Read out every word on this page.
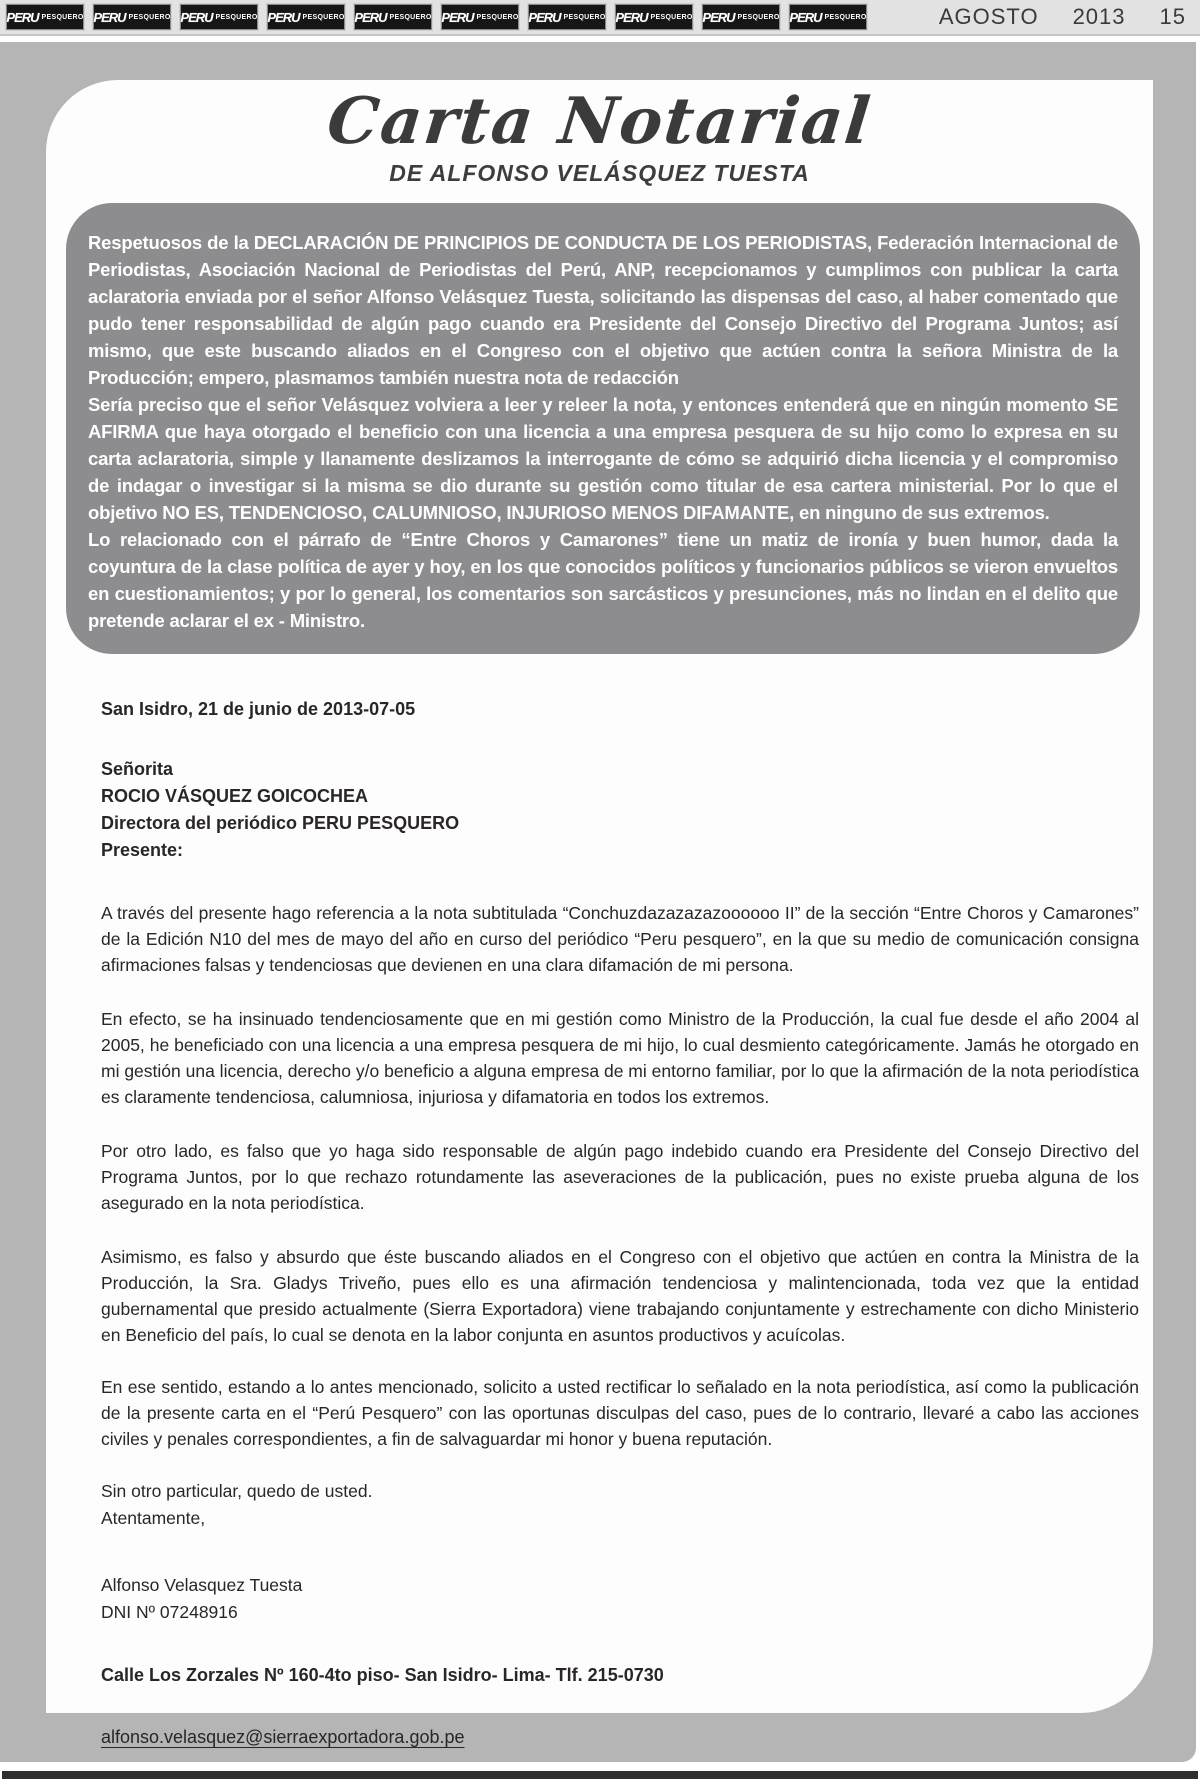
PERU PESQUERO PERU PESQUERO PERU PESQUERO PERU PESQUERO PERU PESQUERO PERU PESQUERO PERU PESQUERO PERU PESQUERO PERU PESQUERO PERU PESQUERO	AGOSTO 2013 15
Carta Notarial
DE ALFONSO VELÁSQUEZ TUESTA

Respetuosos de la DECLARACIÓN DE PRINCIPIOS DE CONDUCTA DE LOS PERIODISTAS, Federación Internacional de Periodistas, Asociación Nacional de Periodistas del Perú, ANP, recepcionamos y cumplimos con publicar la carta aclaratoria enviada por el señor Alfonso Velásquez Tuesta, solicitando las dispensas del caso, al haber comentado que pudo tener responsabilidad de algún pago cuando era Presidente del Consejo Directivo del Programa Juntos; así mismo, que este buscando aliados en el Congreso con el objetivo que actúen contra la señora Ministra de la Producción; empero, plasmamos también nuestra nota de redacción

Sería preciso que el señor Velásquez volviera a leer y releer la nota, y entonces entenderá que en ningún momento SE AFIRMA que haya otorgado el beneficio con una licencia a una empresa pesquera de su hijo como lo expresa en su carta aclaratoria, simple y llanamente deslizamos la interrogante de cómo se adquirió dicha licencia y el compromiso de indagar o investigar si la misma se dio durante su gestión como titular de esa cartera ministerial. Por lo que el objetivo NO ES, TENDENCIOSO, CALUMNIOSO, INJURIOSO MENOS DIFAMANTE, en ninguno de sus extremos.

Lo relacionado con el párrafo de “Entre Choros y Camarones” tiene un matiz de ironía y buen humor, dada la coyuntura de la clase política de ayer y hoy, en los que conocidos políticos y funcionarios públicos se vieron envueltos en cuestionamientos; y por lo general, los comentarios son sarcásticos y presunciones, más no lindan en el delito que pretende aclarar el ex - Ministro.

San Isidro, 21 de junio de 2013-07-05

Señorita
ROCIO VÁSQUEZ GOICOCHEA
Directora del periódico PERU PESQUERO
Presente:

A través del presente hago referencia a la nota subtitulada “Conchuzdazazazazoooooo II” de la sección “Entre Choros y Camarones” de la Edición N10 del mes de mayo del año en curso del periódico “Peru pesquero”, en la que su medio de comunicación consigna afirmaciones falsas y tendenciosas que devienen en una clara difamación de mi persona.

En efecto, se ha insinuado tendenciosamente que en mi gestión como Ministro de la Producción, la cual fue desde el año 2004 al 2005, he beneficiado con una licencia a una empresa pesquera de mi hijo, lo cual desmiento categóricamente. Jamás he otorgado en mi gestión una licencia, derecho y/o beneficio a alguna empresa de mi entorno familiar, por lo que la afirmación de la nota periodística es claramente tendenciosa, calumniosa, injuriosa y difamatoria en todos los extremos.

Por otro lado, es falso que yo haga sido responsable de algún pago indebido cuando era Presidente del Consejo Directivo del Programa Juntos, por lo que rechazo rotundamente las aseveraciones de la publicación, pues no existe prueba alguna de los asegurado en la nota periodística.

Asimismo, es falso y absurdo que éste buscando aliados en el Congreso con el objetivo que actúen en contra la Ministra de la Producción, la Sra. Gladys Triveño, pues ello es una afirmación tendenciosa y malintencionada, toda vez que la entidad gubernamental que presido actualmente (Sierra Exportadora) viene trabajando conjuntamente y estrechamente con dicho Ministerio en Beneficio del país, lo cual se denota en la labor conjunta en asuntos productivos y acuícolas.

En ese sentido, estando a lo antes mencionado, solicito a usted rectificar lo señalado en la nota periodística, así como la publicación de la presente carta en el “Perú Pesquero” con las oportunas disculpas del caso, pues de lo contrario, llevaré a cabo las acciones civiles y penales correspondientes, a fin de salvaguardar mi honor y buena reputación.

Sin otro particular, quedo de usted.
Atentamente,
Alfonso Velasquez Tuesta
DNI Nº 07248916
Calle Los Zorzales Nº 160-4to piso- San Isidro- Lima- Tlf. 215-0730
alfonso.velasquez@sierraexportadora.gob.pe
